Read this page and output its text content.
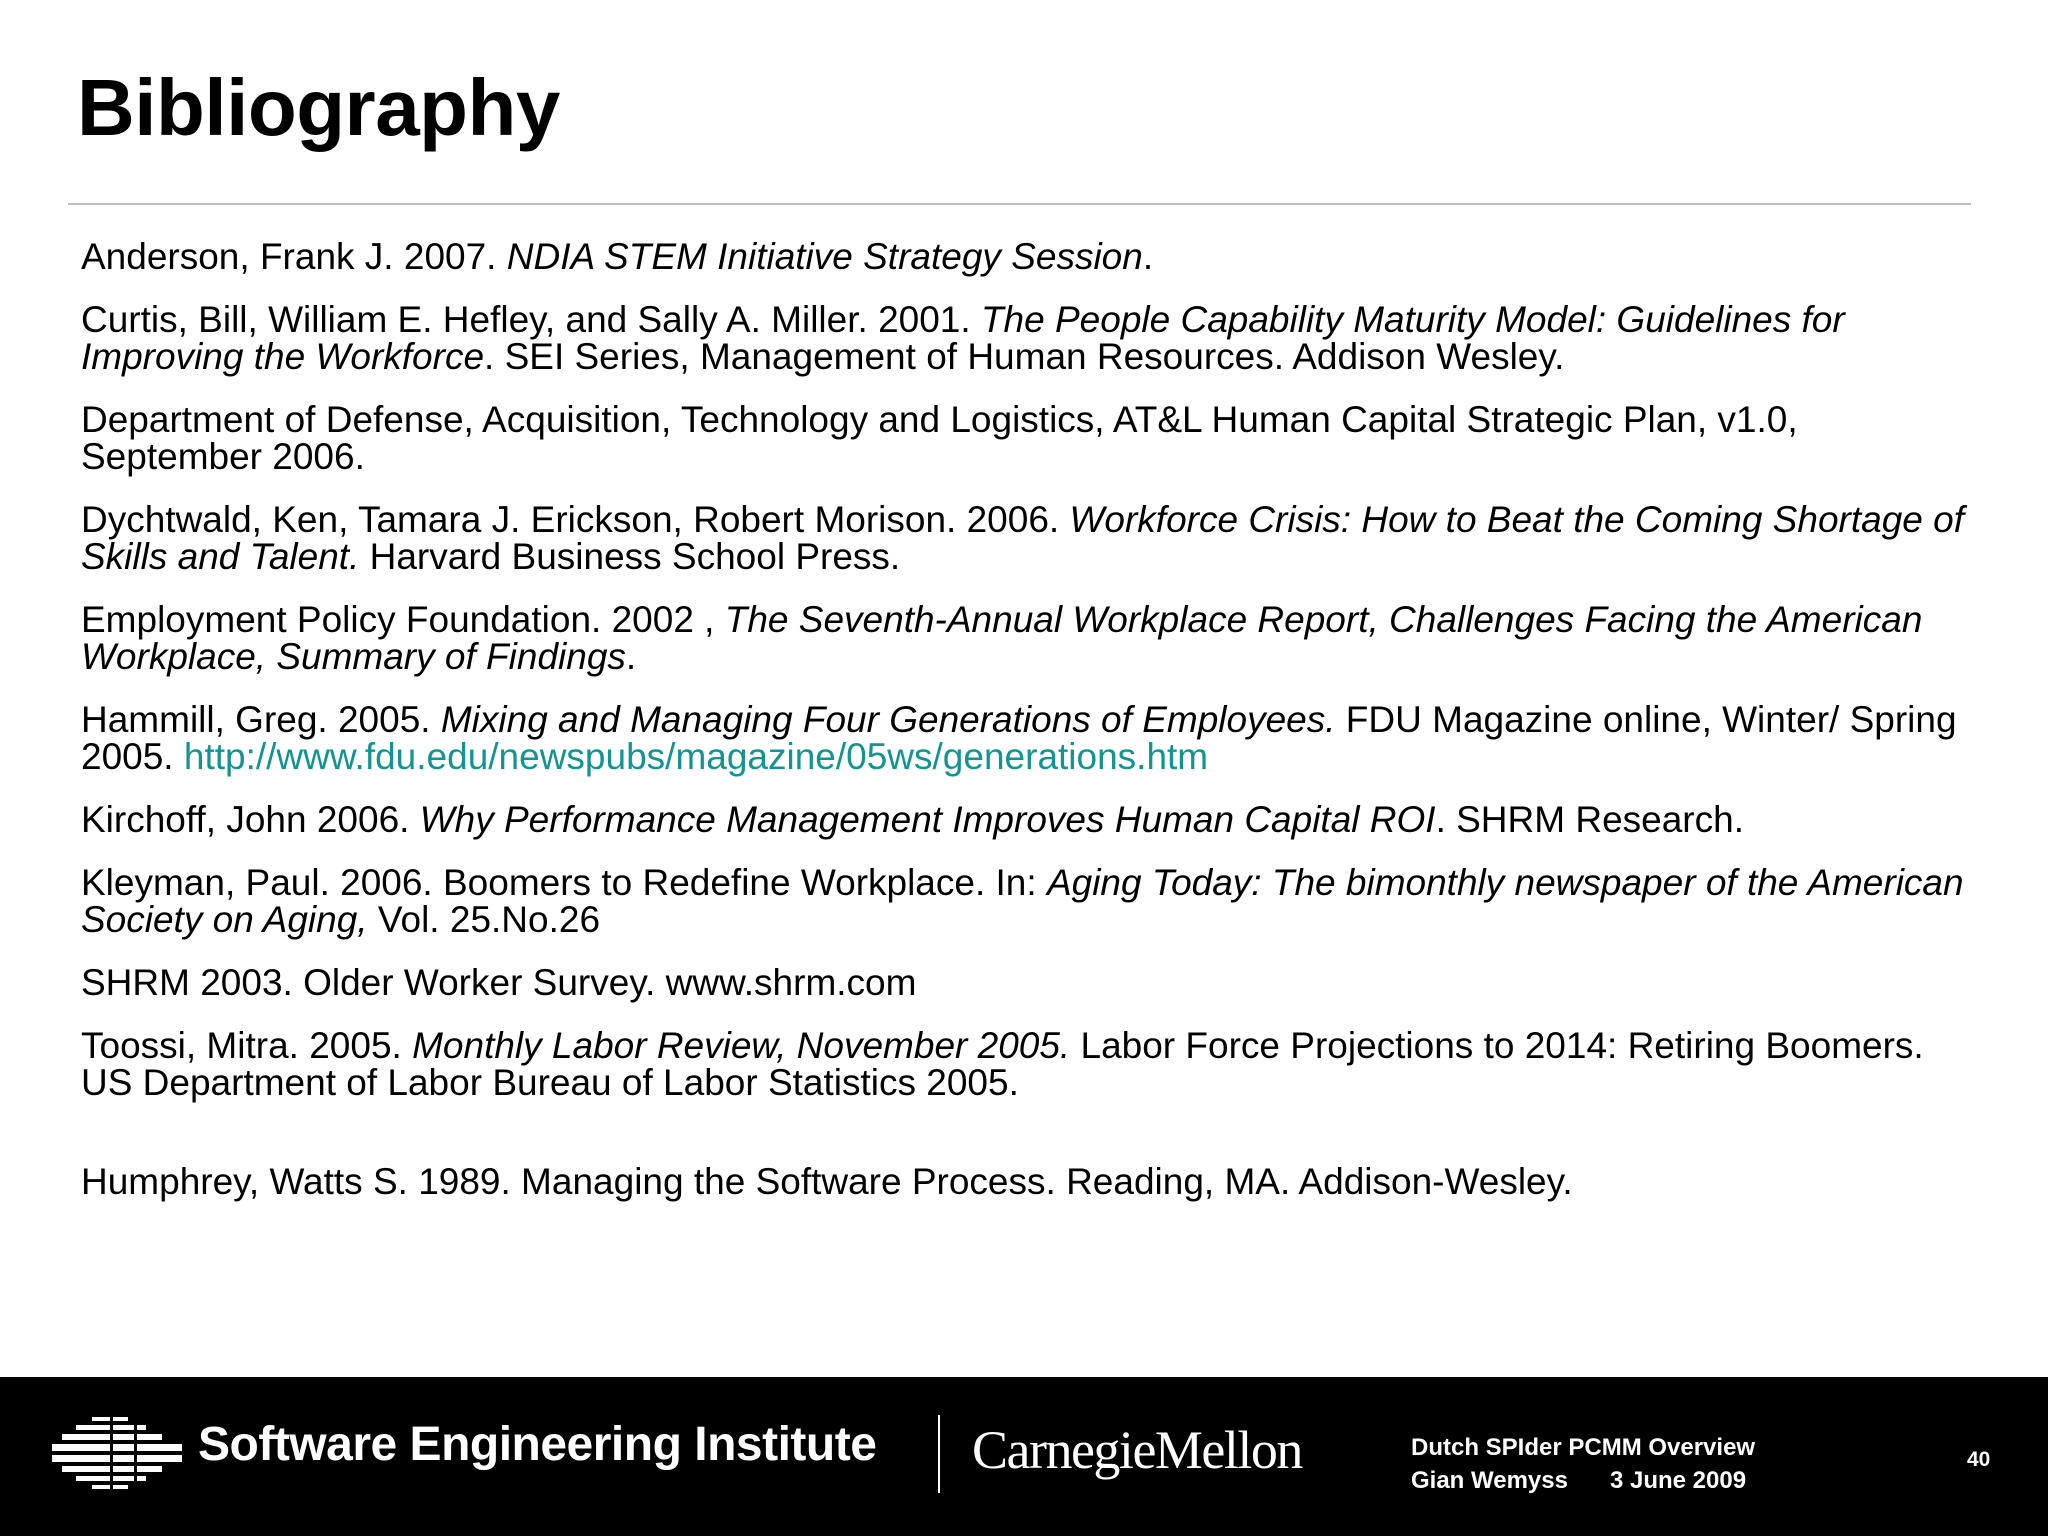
Bibliography

Anderson, Frank J. 2007. NDIA STEM Initiative Strategy Session.

Curtis, Bill, William E. Hefley, and Sally A. Miller. 2001. The People Capability Maturity Model: Guidelines for Improving the Workforce. SEI Series, Management of Human Resources. Addison Wesley.

Department of Defense, Acquisition, Technology and Logistics, AT&L Human Capital Strategic Plan, v1.0, September 2006.

Dychtwald, Ken, Tamara J. Erickson, Robert Morison. 2006. Workforce Crisis: How to Beat the Coming Shortage of Skills and Talent. Harvard Business School Press.

Employment Policy Foundation. 2002 , The Seventh-Annual Workplace Report, Challenges Facing the American Workplace, Summary of Findings.

Hammill, Greg. 2005. Mixing and Managing Four Generations of Employees. FDU Magazine online, Winter/ Spring 2005. http://www.fdu.edu/newspubs/magazine/05ws/generations.htm

Kirchoff, John 2006. Why Performance Management Improves Human Capital ROI. SHRM Research.

Kleyman, Paul. 2006. Boomers to Redefine Workplace. In: Aging Today: The bimonthly newspaper of the American Society on Aging, Vol. 25.No.26

SHRM 2003. Older Worker Survey. www.shrm.com

Toossi, Mitra. 2005. Monthly Labor Review, November 2005. Labor Force Projections to 2014: Retiring Boomers. US Department of Labor Bureau of Labor Statistics 2005.

Humphrey, Watts S. 1989. Managing the Software Process. Reading, MA. Addison-Wesley.

Software Engineering Institute CarnegieMellon	Dutch SPIder PCMM Overview
Gian Wemyss 3 June 2009
40
